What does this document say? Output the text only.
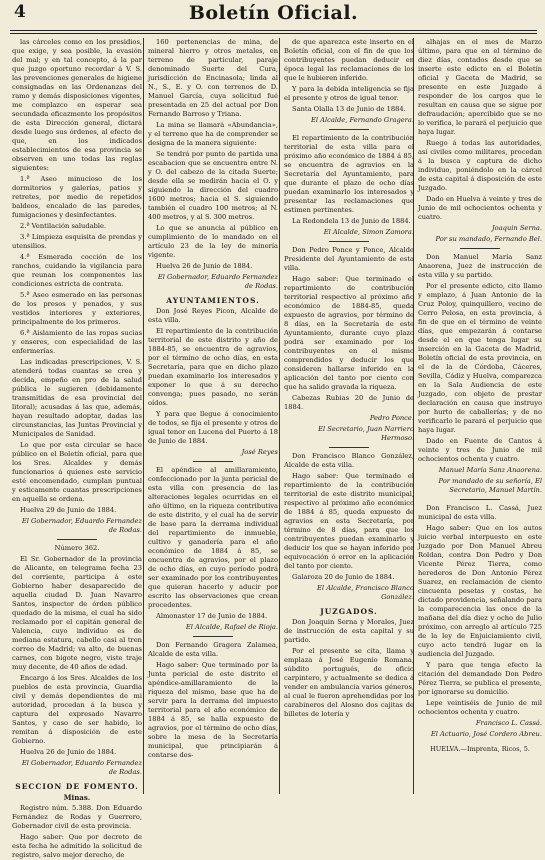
4	Boletín Oficial.

las cárceles como en los presidios, que exige, y sea posible, la evasión del mal; y en tal concepto, á la par que juzgo oportuno recordar á V. S. las prevenciones generales de higiene consignadas en las Ordenanzas del ramo y demás disposiciones vigentes, me complazco en esperar sea secundada eficazmente los propósitos de esta Dirección general, dictará desde luego sus órdenes, al efecto de que, en los indicados establecimientos de esa provincia se observen en uno todas las reglas siguientes:

1.ª Aseo minucioso de los dormitorios y galerías, patios y retretes, por medio de repetidos baldeos, encalado de las paredes, fumigaciones y desinfectantes.

2.ª Ventilación saludable.

3.ª Limpieza esquisita de prendas y utensilios.

4.ª Esmerada cocción de los ranchos, cuidando la vigilancia para que reunan los componentes las condiciones estricta de contrata.

5.ª Aseo esmerado en las personas de los presos y penados, y sus vestidos interiores y exteriores, principalmente de los primeros.

6.ª Aislamiento de las ropas sucias y enseres, con especialidad de las enfermerías.

Las indicadas prescripciones, V. S. atenderá todas cuantas se crea y decida, empeño en pro de la salud pública le sugieren (debidamente transmitidas de esa provincial del litoral); acusadas á las que, además, hayan resultado adoptar, dadas las circunstancias, las Juntas Provincial y Municipales de Sanidad.

Lo que por esta circular se hace público en el Boletín oficial, para que los Sres. Alcaldes y demás funcionarios á quienes este servicio esté encomendado, cumplan puntual y esticamente cuantas prescripciones en aquella se ordena.

Huelva 29 de Junio de 1884.

El Gobernador, Eduardo Fernandez de Rodas.

Número 362.

El Sr. Gobernador de la provincia de Alicante, en telegrama fecha 23 del corriente, participa á este Gobierno haber desaparecido de aquella ciudad D. Juan Navarro Santos, inspector de órden público quedado de la misma, el cual ha sido reclamado por el capitán general de Valencia, cuyo individuo es de mediana estatura, cabello casi al tren correo de Madrid; va alto, de buenas carnes, con bigote negro, viste traje muy decente, de 40 años de edad.

Encargo á los Sres. Alcaldes de los pueblos de esta provincia, Guardia civil y demás dependientes de mi autoridad, procedan á la busca y captura del expresado Navarro Santos, y caso de ser habido, lo remitan á disposición de este Gobierno.

Huelva 26 de Junio de 1884.

El Gobernador, Eduardo Fernandez de Rodas.

SECCION DE FOMENTO.
Minas.

Registro núm. 5.388. Don Eduardo Fernández de Rodas y Guerrero, Gobernador civil de esta provincia.

Hago saber: Que por decreto de esta fecha he admitido la solicitud de registro, salvo mejor derecho, de

160 pertenencias de mina, de mineral hierro y otros metales, en terreno de particular, paraje denominado Suerte del Cura, jurisdicción de Encinasola; linda al N., S., E. y O. con terrenos de D. Manuel García, cuya solicitud fué presentada en 25 del actual por Don Fernando Barroso y Triana.

La mina se llamará «Abundancia», y el terreno que ha de comprender se designa de la manera siguiente:

Se tendrá por punto de partida una escabacion que se encuentra entre N. y O. del cabezo de la citada Suerte; desde ella se medirán hacia el O. y siguiendo la dirección del cuadro 1600 metros; hacia el S. siguiendo también el cuadro 100 metros; al N. 400 metros, y al S. 300 metros.

Lo que se anuncia al público en cumplimiento de lo mandado en el artículo 23 de la ley de minería vigente.

Huelva 26 de Junio de 1884.

El Gobernador, Eduardo Fernandez de Rodas.

AYUNTAMIENTOS.

Don José Reyes Picon, Alcalde de esta villa.

El repartimiento de la contribución territorial de este distrito y año de 1884-85, se encuentra de agravios, por el término de ocho días, en esta Secretaría, para que en dicho plazo puedan examinarlo los interesados y exponer lo que á su derecho convenga; pues pasado, no serán oídos.

Y para que llegue á conocimiento de todos, se fija el presente y otros de igual tenor en Lucena del Puerto á 18 de Junio de 1884.

José Reyes

El apéndice al amillaramiento, confeccionado por la junta pericial de esta villa con presencia de las alteraciones legales ocurridas en el año último, en la riqueza contributiva de este distrito, y el cual ha de servir de base para la derrama individual del repartimiento de inmueble, cultivo y ganadería para el año económico de 1884 á 85, se encuentra de agravios, por el plazo de ocho días, en cuyo período podrá ser examinado por los contribuyentes que quieran hacerlo y aducir por escrito las observaciones que crean procedentes.

Almonaster 17 de Junio de 1884.

El Alcalde, Rafael de Rioja.

Don Fernando Gragera Zalamea, Alcalde de esta villa.

Hago saber: Que terminado por la Junta pericial de este distrito el apéndice-amillaramiento de la riqueza del mismo, base que ha de servir para la derrama del impuesto territorial para el año económico de 1884 á 85, se halla expuesto de agravios, por el término de ocho días, sobre la mesa de la Secretaría municipal, que principiarán á contarse des-

de que aparezca este inserto en el Boletín oficial, con el fin de que los contribuyentes puedan deducir en época legal las reclamaciones de los que le hubieren inferido.

Y para la debida inteligencia se fija el presente y otros de igual tenor.

Santa Olalla 13 de Junio de 1884.

El Alcalde, Fernando Gragera.

El repartimiento de la contribución territorial de esta villa para el próximo año económico de 1884 á 85, se encuentra de agravios en la Secretaría del Ayuntamiento, para que durante el plazo de ocho días puedan examinarlo los interesados y presentar las reclamaciones que estimen pertinentes.

La Redondela 13 de Junio de 1884.

El Alcalde, Simon Zamora.

Don Pedro Ponce y Ponce, Alcalde Presidente del Ayuntamiento de esta villa.

Hago saber: Que terminado el repartimiento de contribución territorial respectivo al próximo año económico de 1884-85, queda expuesto de agravios, por término de 8 días, en la Secretaría de este Ayuntamiento, durante cuyo plazo podrá ser examinado por los contribuyentes en el mismo comprendidos y deducir los que consideren hallarse inferido en la aplicación del tanto por ciento con que ha salido gravada la riqueza.

Cabezas Rubias 20 de Junio de 1884.

Pedro Ponce.

El Secretario, Juan Narriero Hermoso.

Don Francisco Blanco González, Alcalde de esta villa.

Hago saber: Que terminado el repartimiento de la contribución territorial de este distrito municipal, respectivo al próximo año económico de 1884 á 85, queda expuesto de agravios en esta Secretaría, por término de 8 días, para que los contribuyentes puedan examinarlo y deducir los que se hayan inferido por equivocación ó error en la aplicación del tanto por ciento.

Galaroza 20 de Junio de 1884.

El Alcalde, Francisco Blanco González.

JUZGADOS.

Don Joaquin Serna y Morales, Juez de instrucción de esta capital y su partido.

Por el presente se cita, llama y emplaza á José Eugenio Romana, súbdito portugués, de oficio carpintero, y actualmente se dedica á vender en ambulancia varios géneros, al cual le fueron aprehendidas por los carabineros del Alosno dos cajitas de billetes de lotería y

alhajas en el mes de Marzo último, para que en el término de diez días, contados desde que se inserte este edicto en el Boletín oficial y Gaceta de Madrid, se presente en este Juzgado á responder de los cargos que le resultan en causa que se sigue por defraudación; apercibido que se no lo verifica, le parará el perjuicio que haya lugar.

Ruego á todas las autoridades, así civiles como militares, procedan á la busca y captura de dicho individuo, poniéndolo en la cárcel de esta capital á disposición de este Juzgado.

Dado en Huelva á veinte y tres de Junio de mil ochocientos ochenta y cuatro.

Joaquin Serna.

Por su mandado, Fernando Bel.

Don Manuel María Sanz Anaorena, Juez de instrucción de esta villa y su partido.

Por el presente edicto, cito llamo y emplazo, á Juan Antonio de la Cruz Poloy, quinquillero, vecino de Cerro Pelosa, en esta provincia, á fin de que en el término de veinte días, que empezarán á contarse desde el en que tenga lugar su inserción en la Gaceta de Madrid, Boletín oficial de esta provincia, en el de la de Córdoba, Cáceres, Sevilla, Cádiz y Huelva, comparezca en la Sala Audiencia de este Juzgado, con objeto de prestar declaración en causa que instruyo por hurto de caballerías; y de no verificarlo le parará el perjuicio que haya lugar.

Dado en Fuente de Cantos á veinte y tres de Junio de mil ochocientos ochenta y cuatro.

Manuel María Sanz Anaorena.

Por mandado de su señoría, El Secretario, Manuel Martín.

Don Francisco L. Cassá, Juez municipal de esta villa.

Hago saber: Que en los autos juicio verbal interpuesto en este Juzgado por Don Manuel Abreu Roldan, contra Don Pedro y Don Vicente Pérez Tierra, como herederos de Don Antonio Pérez Suarez, en reclamación de ciento cincuenta pesetas y costas, he dictado providencia, señalando para la comparecencia las once de la mañana del día diez y ocho de Julio próximo, con arreglo al artículo 725 de la ley de Enjuiciamiento civil, cuyo acto tendrá lugar en la audiencia del Juzgado.

Y para que tenga efecto la citación del demandado Don Pedro Pérez Tierra, se publica el presente, por ignorarse su domicilio.

Lepe veintiséis de Junio de mil ochocientos ochenta y cuatro.

Francisco L. Cassá.

El Actuario, José Cordero Abreu.

HUELVA.—Imprenta, Ricos, 5.
